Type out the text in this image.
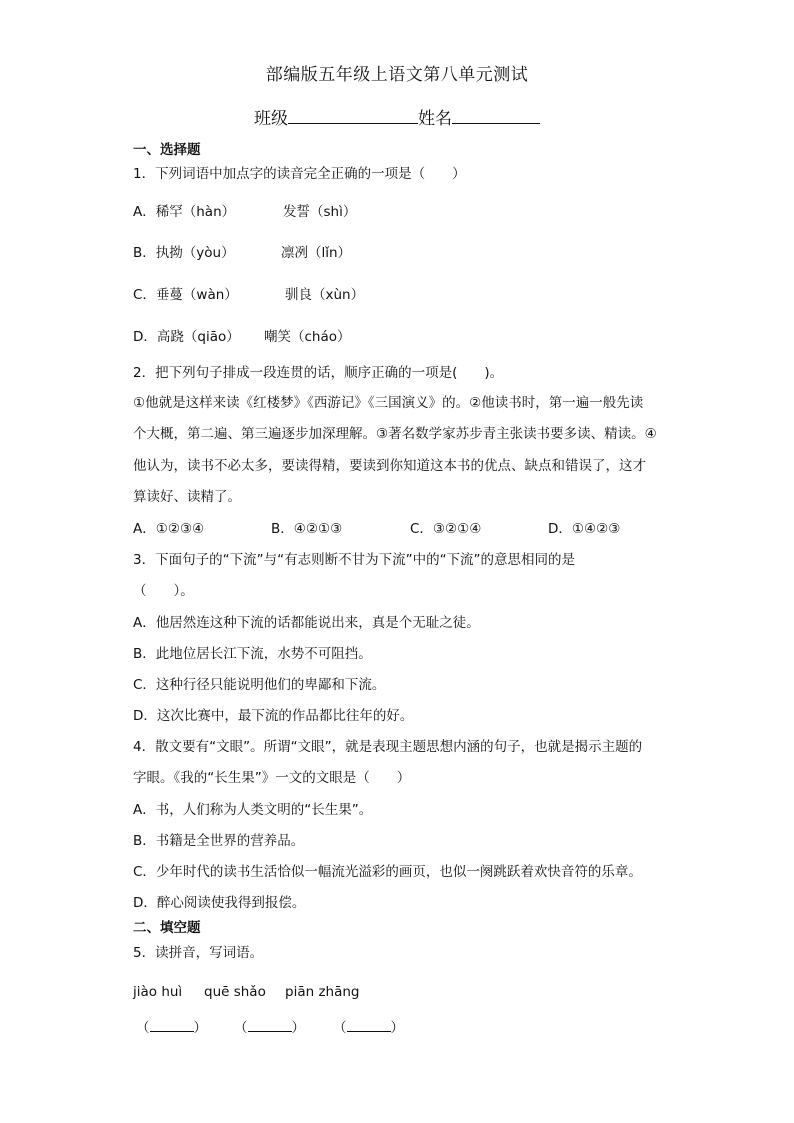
部编版五年级上语文第八单元测试
班级	姓名
一、选择题
1．下列词语中加点字的读音完全正确的一项是（　　）
A．稀罕（hàn）	发誓（shì）
B．执拗（yòu）	凛冽（lǐn）
C．垂蔓（wàn）	驯良（xùn）
D．高跷（qiāo） 嘲笑（cháo）
2．把下列句子排成一段连贯的话，顺序正确的一项是(　　)。
①他就是这样来读《红楼梦》《西游记》《三国演义》的。②他读书时，第一遍一般先读
个大概，第二遍、第三遍逐步加深理解。③著名数学家苏步青主张读书要多读、精读。④
他认为，读书不必太多，要读得精，要读到你知道这本书的优点、缺点和错误了，这才
算读好、读精了。
A．①②③④	B．④②①③	C．③②①④	D．①④②③
3．下面句子的“下流”与“有志则断不甘为下流”中的“下流”的意思相同的是
（　　）。
A．他居然连这种下流的话都能说出来，真是个无耻之徒。
B．此地位居长江下流，水势不可阻挡。
C．这种行径只能说明他们的卑鄙和下流。
D．这次比赛中，最下流的作品都比往年的好。
4．散文要有“文眼”。所谓“文眼”，就是表现主题思想内涵的句子，也就是揭示主题的
字眼。《我的“长生果”》一文的文眼是（　　）
A．书，人们称为人类文明的“长生果”。
B．书籍是全世界的营养品。
C．少年时代的读书生活恰似一幅流光溢彩的画页，也似一阕跳跃着欢快音符的乐章。
D．醉心阅读使我得到报偿。
二、填空题
5．读拼音，写词语。
jiào huì quē shǎo piān zhāng
（	） （	） （	）
